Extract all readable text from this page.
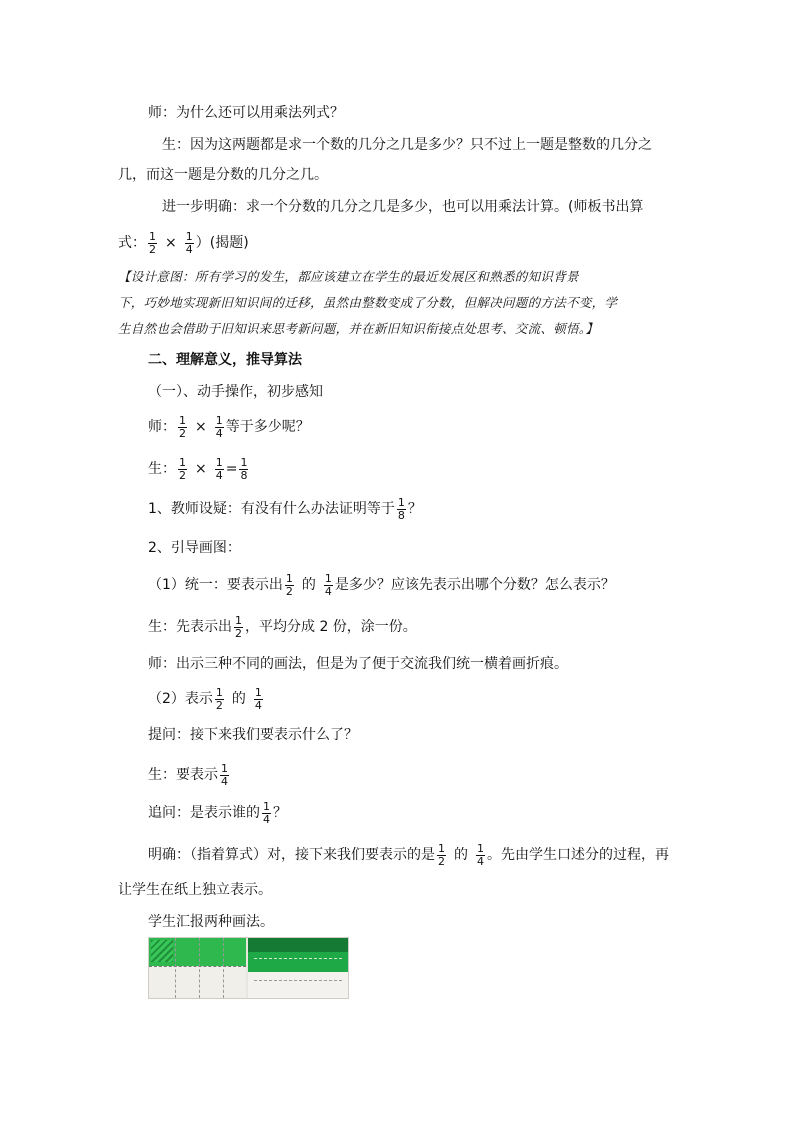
师：为什么还可以用乘法列式？
生：因为这两题都是求一个数的几分之几是多少？只不过上一题是整数的几分之
几，而这一题是分数的几分之几。
进一步明确：求一个分数的几分之几是多少，也可以用乘法计算。(师板书出算
式： $\frac{1}{2} \times \frac{1}{4}$ ）(揭题)
【设计意图：所有学习的发生，都应该建立在学生的最近发展区和熟悉的知识背景
下，巧妙地实现新旧知识间的迁移，虽然由整数变成了分数，但解决问题的方法不变，学
生自然也会借助于旧知识来思考新问题，并在新旧知识衔接点处思考、交流、顿悟。】
二、理解意义，推导算法
（一）、动手操作，初步感知
师： $\frac{1}{2} \times \frac{1}{4}$ 等于多少呢？
生： $\frac{1}{2} \times \frac{1}{4} = \frac{1}{8}$
1、教师设疑：有没有什么办法证明等于 $\frac{1}{8}$ ？
2、引导画图：
（1）统一：要表示出 $\frac{1}{2}$ 的 $\frac{1}{4}$ 是多少？应该先表示出哪个分数？怎么表示？
生：先表示出 $\frac{1}{2}$ ，平均分成 2 份，涂一份。
师：出示三种不同的画法，但是为了便于交流我们统一横着画折痕。
（2）表示 $\frac{1}{2}$ 的 $\frac{1}{4}$
提问：接下来我们要表示什么了？
生：要表示 $\frac{1}{4}$
追问：是表示谁的 $\frac{1}{4}$ ？
明确：（指着算式）对，接下来我们要表示的是 $\frac{1}{2}$ 的 $\frac{1}{4}$ 。先由学生口述分的过程，再
让学生在纸上独立表示。
学生汇报两种画法。
